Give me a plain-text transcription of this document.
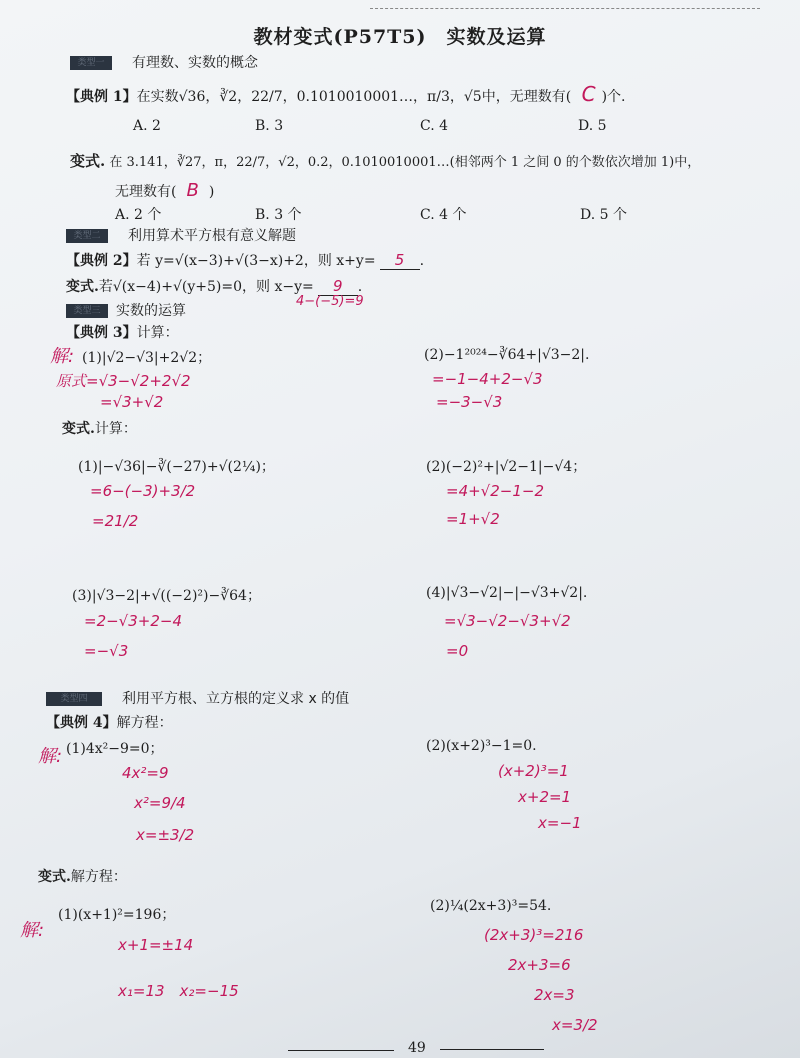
教材变式(P57T5)　实数及运算
类型一 有理数、实数的概念
【典例 1】在实数√36，∛2，22/7，0.1010010001…，π/3，√5中，无理数有( C )个.
A. 2	B. 3	C. 4	D. 5
变式. 在 3.141，∛27，π，22/7，√2，0.2，0.1010010001…(相邻两个 1 之间 0 的个数依次增加 1)中，
无理数有( B )
A. 2 个	B. 3 个	C. 4 个	D. 5 个
类型二 利用算术平方根有意义解题
【典例 2】若 y=√(x−3)+√(3−x)+2，则 x+y= 5 .
变式.若√(x−4)+√(y+5)=0，则 x−y= 9 .
4−(−5)=9
类型三 实数的运算
【典例 3】计算：
解: (1)|√2−√3|+2√2；
原式=√3−√2+2√2
=√3+√2
(2)−1²⁰²⁴−∛64+|√3−2|.
=−1−4+2−√3
=−3−√3
变式.计算：
(1)|−√36|−∛(−27)+√(2¼)；
=6−(−3)+3/2
=21/2
(2)(−2)²+|√2−1|−√4；
=4+√2−1−2
=1+√2
(3)|√3−2|+√((−2)²)−∛64；
=2−√3+2−4
=−√3
(4)|√3−√2|−|−√3+√2|.
=√3−√2−√3+√2
=0
类型四 利用平方根、立方根的定义求 x 的值
【典例 4】解方程：
解: (1)4x²−9=0；
4x²=9
x²=9/4
x=±3/2
(2)(x+2)³−1=0.
(x+2)³=1
x+2=1
x=−1
变式.解方程：
解:
(1)(x+1)²=196；
x+1=±14
x₁=13　x₂=−15
(2)¼(2x+3)³=54.
(2x+3)³=216
2x+3=6
2x=3
x=3/2
49
